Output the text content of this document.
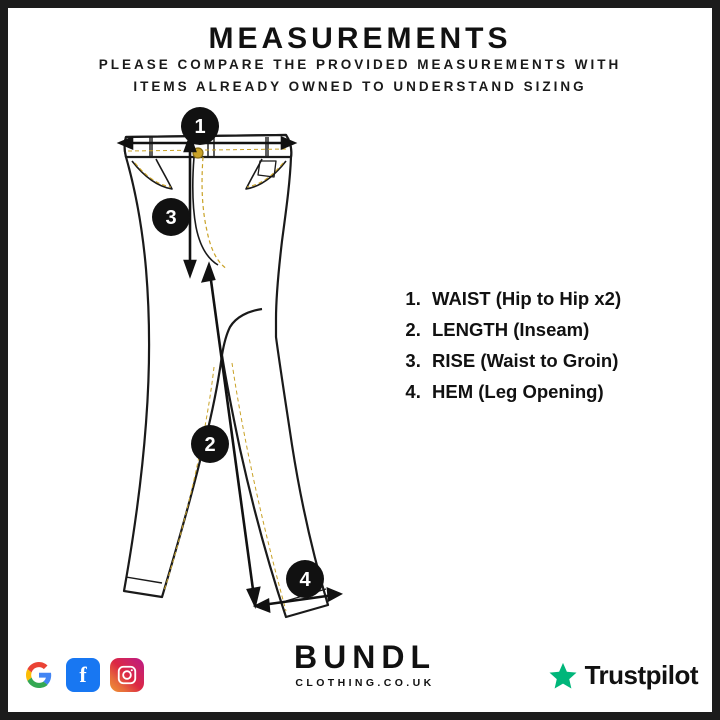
MEASUREMENTS
PLEASE COMPARE THE PROVIDED MEASUREMENTS WITH
ITEMS ALREADY OWNED TO UNDERSTAND SIZING
1
3
2
4
1. WAIST (Hip to Hip x2)
2. LENGTH (Inseam)
3. RISE (Waist to Groin)
4. HEM (Leg Opening)
BUNDL
CLOTHING.CO.UK
f	Trustpilot
